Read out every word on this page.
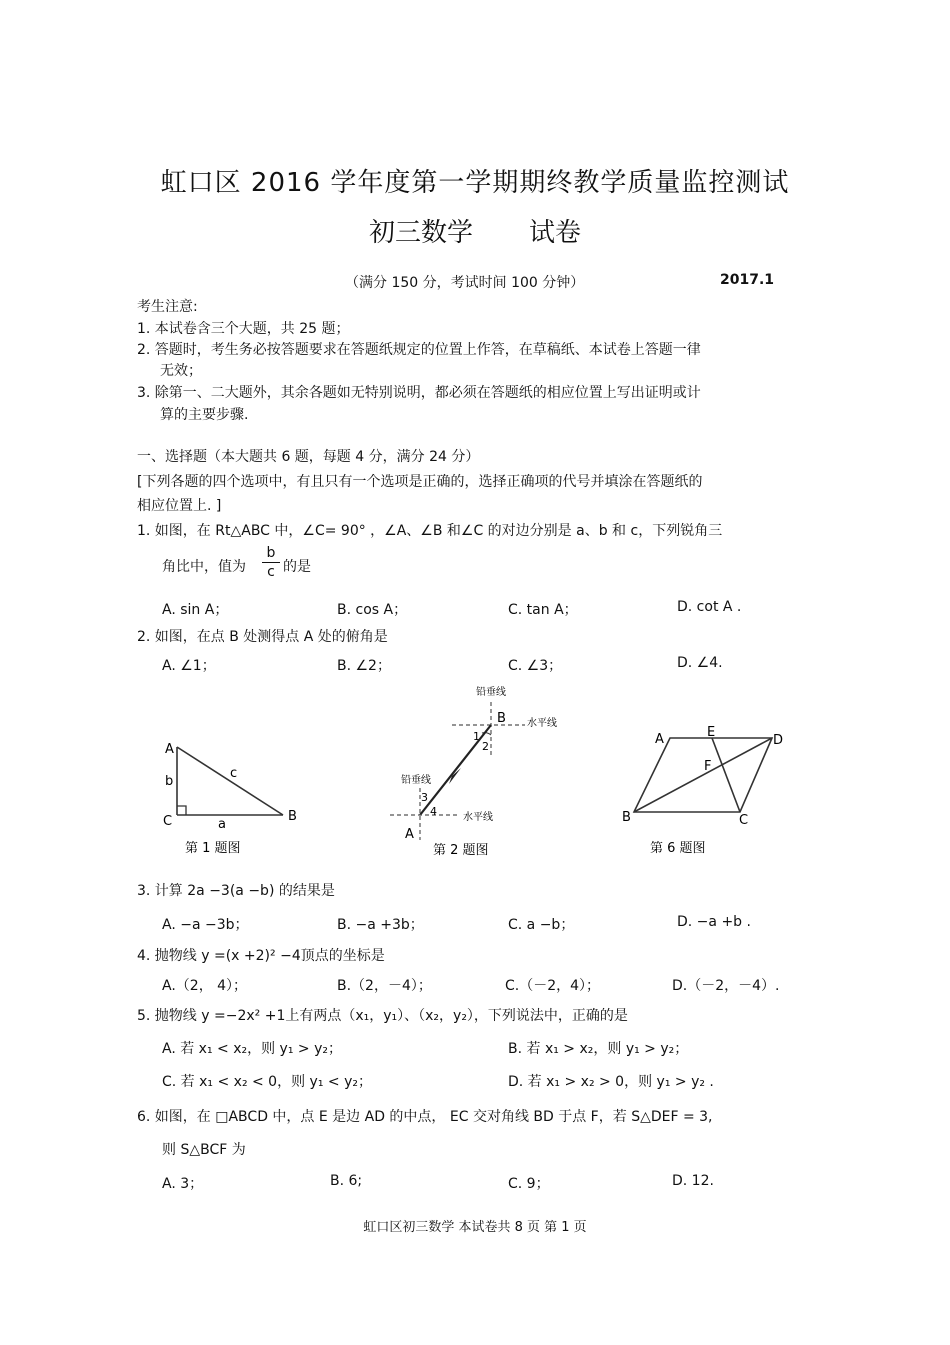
虹口区 2016 学年度第一学期期终教学质量监控测试
初三数学 试卷
（满分 150 分，考试时间 100 分钟）	2017.1
考生注意:
1. 本试卷含三个大题，共 25 题；
2. 答题时，考生务必按答题要求在答题纸规定的位置上作答，在草稿纸、本试卷上答题一律
无效；
3. 除第一、二大题外，其余各题如无特别说明，都必须在答题纸的相应位置上写出证明或计
算的主要步骤.
一、选择题（本大题共 6 题，每题 4 分，满分 24 分）
[下列各题的四个选项中，有且只有一个选项是正确的，选择正确项的代号并填涂在答题纸的
相应位置上. ]
1. 如图，在 Rt△ABC 中，∠C= 90° ，∠A、∠B 和∠C 的对边分别是 a、b 和 c，下列锐角三
角比中，值为
b
c 的是
A. sin A；	B. cos A；	C. tan A；	D. cot A .
2. 如图，在点 B 处测得点 A 处的俯角是
A. ∠1；	B. ∠2；	C. ∠3；	D. ∠4.
A
b
c
C	a
B
第 1 题图
铅垂线
水平线
B
1
2
铅垂线
水平线
3
4
A
第 2 题图
A	E
D
F
B	C
第 6 题图
3. 计算 2a −3(a −b) 的结果是
A. −a −3b；	B. −a +3b；	C. a −b；	D. −a +b .
4. 抛物线 y =(x +2)² −4顶点的坐标是
A.（2， 4）；	B.（2，－4）；	C.（－2，4）；	D.（－2，－4）.
5. 抛物线 y =−2x² +1上有两点（x₁，y₁）、（x₂，y₂），下列说法中，正确的是
A. 若 x₁ < x₂，则 y₁ > y₂；	B. 若 x₁ > x₂，则 y₁ > y₂；
C. 若 x₁ < x₂ < 0，则 y₁ < y₂；	D. 若 x₁ > x₂ > 0，则 y₁ > y₂ .
6. 如图，在 □ABCD 中，点 E 是边 AD 的中点， EC 交对角线 BD 于点 F，若 S△DEF = 3,
则 S△BCF 为
A. 3；	B. 6;	C. 9；	D. 12.
虹口区初三数学 本试卷共 8 页 第 1 页
